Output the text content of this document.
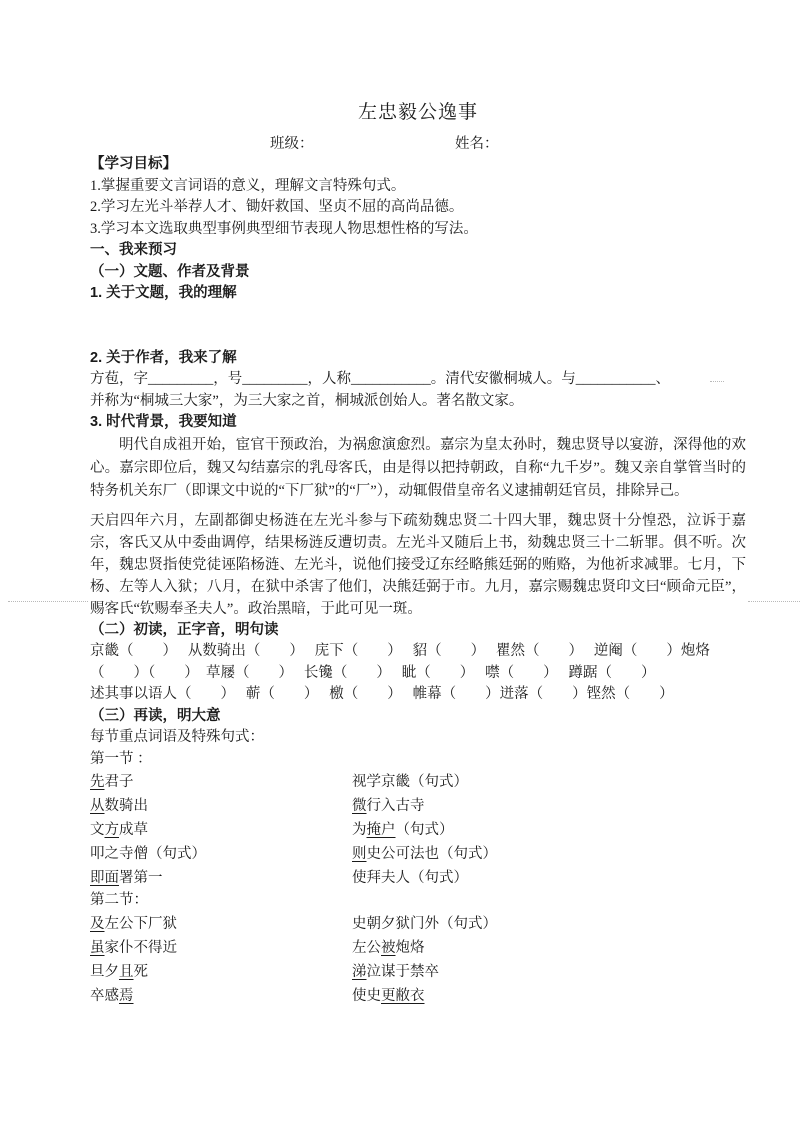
左忠毅公逸事
班级：	姓名：
【学习目标】
1.掌握重要文言词语的意义，理解文言特殊句式。
2.学习左光斗举荐人才、锄奸救国、坚贞不屈的高尚品德。
3.学习本文选取典型事例典型细节表现人物思想性格的写法。
一、我来预习
（一）文题、作者及背景
1. 关于文题，我的理解
2. 关于作者，我来了解
方苞，字_________，号_________，人称___________。清代安徽桐城人。与___________、
并称为“桐城三大家”，为三大家之首，桐城派创始人。著名散文家。
3. 时代背景，我要知道
明代自成祖开始，宦官干预政治，为祸愈演愈烈。嘉宗为皇太孙时，魏忠贤导以宴游，深得他的欢心。嘉宗即位后，魏又勾结嘉宗的乳母客氏，由是得以把持朝政，自称“九千岁”。魏又亲自掌管当时的特务机关东厂（即课文中说的“下厂狱”的“厂”），动辄假借皇帝名义逮捕朝廷官员，排除异己。
天启四年六月，左副都御史杨涟在左光斗参与下疏劾魏忠贤二十四大罪，魏忠贤十分惶恐，泣诉于嘉宗，客氏又从中委曲调停，结果杨涟反遭切责。左光斗又随后上书，劾魏忠贤三十二斩罪。俱不听。次年，魏忠贤指使党徒诬陷杨涟、左光斗，说他们接受辽东经略熊廷弼的贿赂，为他祈求减罪。七月，下杨、左等人入狱；八月，在狱中杀害了他们，决熊廷弼于市。九月，嘉宗赐魏忠贤印文曰“顾命元臣”，赐客氏“钦赐奉圣夫人”。政治黑暗，于此可见一斑。
（二）初读，正字音，明句读
京畿（　　）　 从数骑出（　　）　 庑下（　　）　 貂（　　）　 瞿然（　　）　 逆阉（　　）炮烙
（　　）（　　）　草屦（　　）　 长镵（　　）　 眦（　　）　 噤（　　）　 蹲踞（　　）
述其事以语人（　　）　 蕲（　　）　 檄（　　）　 帷幕（　　）迸落（　　）铿然（　　）
（三）再读，明大意
每节重点词语及特殊句式：
第一节 ：
先君子	视学京畿（句式）
从数骑出	微行入古寺
文方成草	为掩户（句式）
叩之寺僧（句式）	则史公可法也（句式）
即面署第一	使拜夫人（句式）
第二节：
及左公下厂狱	史朝夕狱门外（句式）
虽家仆不得近	左公被炮烙
旦夕且死	涕泣谋于禁卒
卒感焉	使史更敝衣
